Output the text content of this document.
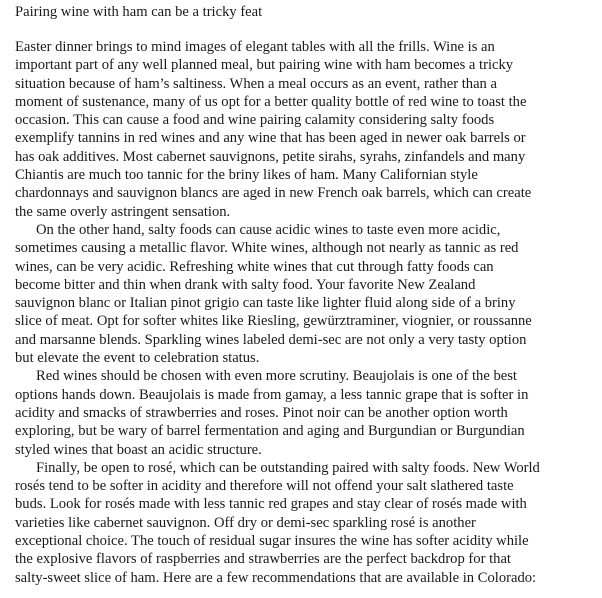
Pairing wine with ham can be a tricky feat
Easter dinner brings to mind images of elegant tables with all the frills. Wine is an
important part of any well planned meal, but pairing wine with ham becomes a tricky
situation because of ham’s saltiness. When a meal occurs as an event, rather than a
moment of sustenance, many of us opt for a better quality bottle of red wine to toast the
occasion. This can cause a food and wine pairing calamity considering salty foods
exemplify tannins in red wines and any wine that has been aged in newer oak barrels or
has oak additives. Most cabernet sauvignons, petite sirahs, syrahs, zinfandels and many
Chiantis are much too tannic for the briny likes of ham. Many Californian style
chardonnays and sauvignon blancs are aged in new French oak barrels, which can create
the same overly astringent sensation.
On the other hand, salty foods can cause acidic wines to taste even more acidic,
sometimes causing a metallic flavor. White wines, although not nearly as tannic as red
wines, can be very acidic. Refreshing white wines that cut through fatty foods can
become bitter and thin when drank with salty food. Your favorite New Zealand
sauvignon blanc or Italian pinot grigio can taste like lighter fluid along side of a briny
slice of meat. Opt for softer whites like Riesling, gewürztraminer, viognier, or roussanne
and marsanne blends. Sparkling wines labeled demi-sec are not only a very tasty option
but elevate the event to celebration status.
Red wines should be chosen with even more scrutiny. Beaujolais is one of the best
options hands down. Beaujolais is made from gamay, a less tannic grape that is softer in
acidity and smacks of strawberries and roses. Pinot noir can be another option worth
exploring, but be wary of barrel fermentation and aging and Burgundian or Burgundian
styled wines that boast an acidic structure.
Finally, be open to rosé, which can be outstanding paired with salty foods. New World
rosés tend to be softer in acidity and therefore will not offend your salt slathered taste
buds. Look for rosés made with less tannic red grapes and stay clear of rosés made with
varieties like cabernet sauvignon. Off dry or demi-sec sparkling rosé is another
exceptional choice. The touch of residual sugar insures the wine has softer acidity while
the explosive flavors of raspberries and strawberries are the perfect backdrop for that
salty-sweet slice of ham. Here are a few recommendations that are available in Colorado:
